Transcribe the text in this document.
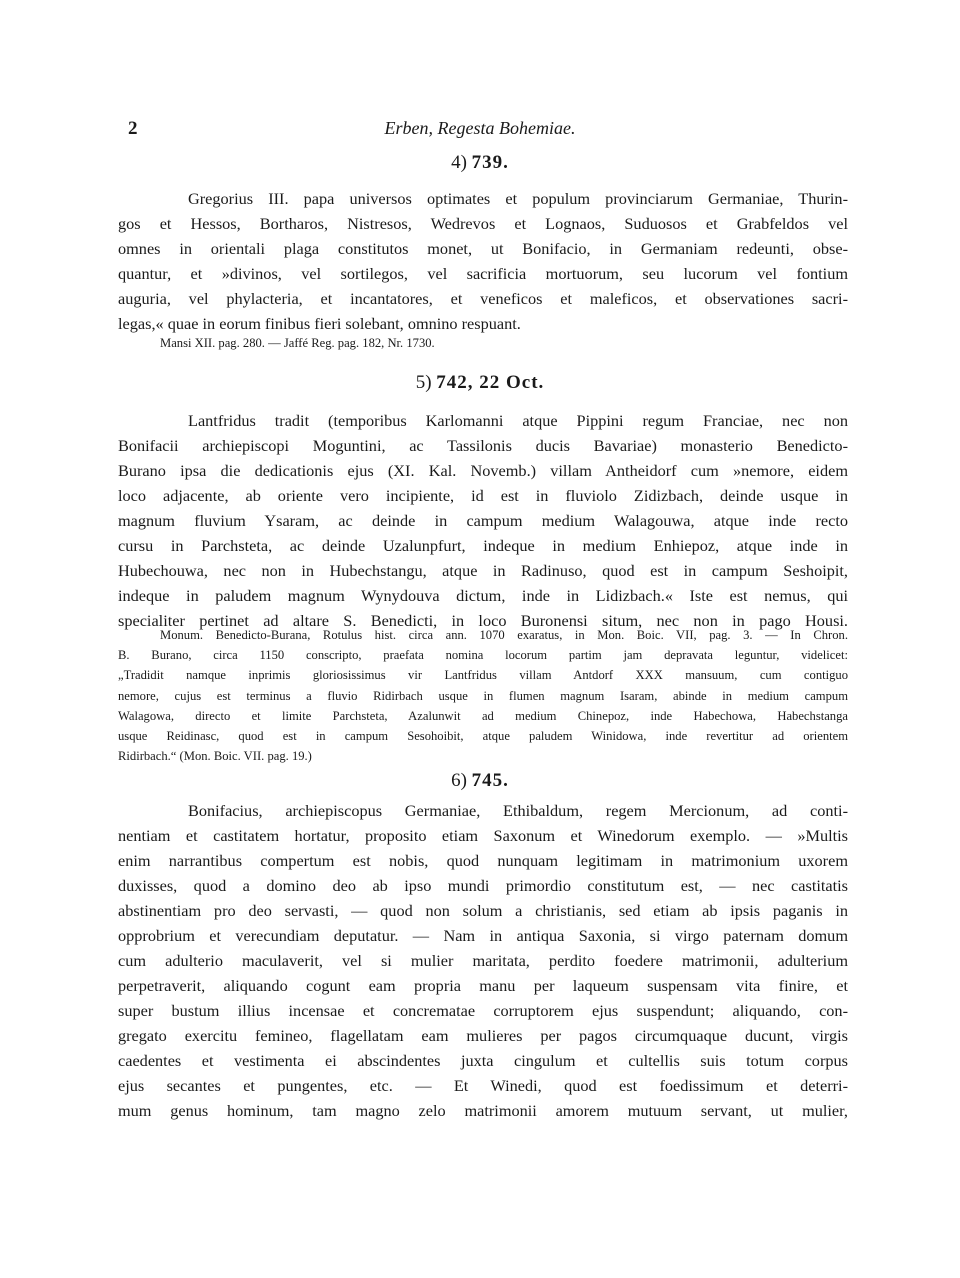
2	Erben, Regesta Bohemiae.
4) 739.
Gregorius III. papa universos optimates et populum provinciarum Germaniae, Thurin-
gos et Hessos, Bortharos, Nistresos, Wedrevos et Lognaos, Suduosos et Grabfeldos vel
omnes in orientali plaga constitutos monet, ut Bonifacio, in Germaniam redeunti, obse-
quantur, et »divinos, vel sortilegos, vel sacrificia mortuorum, seu lucorum vel fontium
auguria, vel phylacteria, et incantatores, et veneficos et maleficos, et observationes sacri-
legas,« quae in eorum finibus fieri solebant, omnino respuant.
Mansi XII. pag. 280. — Jaffé Reg. pag. 182, Nr. 1730.
5) 742, 22 Oct.
Lantfridus tradit (temporibus Karlomanni atque Pippini regum Franciae, nec non
Bonifacii archiepiscopi Moguntini, ac Tassilonis ducis Bavariae) monasterio Benedicto-
Burano ipsa die dedicationis ejus (XI. Kal. Novemb.) villam Antheidorf cum »nemore, eidem
loco adjacente, ab oriente vero incipiente, id est in fluviolo Zidizbach, deinde usque in
magnum fluvium Ysaram, ac deinde in campum medium Walagouwa, atque inde recto
cursu in Parchsteta, ac deinde Uzalunpfurt, indeque in medium Enhiepoz, atque inde in
Hubechouwa, nec non in Hubechstangu, atque in Radinuso, quod est in campum Seshoipit,
indeque in paludem magnum Wynydouva dictum, inde in Lidizbach.« Iste est nemus, qui
specialiter pertinet ad altare S. Benedicti, in loco Buronensi situm, nec non in pago Housi.
Monum. Benedicto-Burana, Rotulus hist. circa ann. 1070 exaratus, in Mon. Boic. VII, pag. 3. — In Chron.
B. Burano, circa 1150 conscripto, praefata nomina locorum partim jam depravata leguntur, videlicet:
„Tradidit namque inprimis gloriosissimus vir Lantfridus villam Antdorf XXX mansuum, cum contiguo
nemore, cujus est terminus a fluvio Ridirbach usque in flumen magnum Isaram, abinde in medium campum
Walagowa, directo et limite Parchsteta, Azalunwit ad medium Chinepoz, inde Habechowa, Habechstanga
usque Reidinasc, quod est in campum Sesohoibit, atque paludem Winidowa, inde revertitur ad orientem
Ridirbach.“ (Mon. Boic. VII. pag. 19.)
6) 745.
Bonifacius, archiepiscopus Germaniae, Ethibaldum, regem Mercionum, ad conti-
nentiam et castitatem hortatur, proposito etiam Saxonum et Winedorum exemplo. — »Multis
enim narrantibus compertum est nobis, quod nunquam legitimam in matrimonium uxorem
duxisses, quod a domino deo ab ipso mundi primordio constitutum est, — nec castitatis
abstinentiam pro deo servasti, — quod non solum a christianis, sed etiam ab ipsis paganis in
opprobrium et verecundiam deputatur. — Nam in antiqua Saxonia, si virgo paternam domum
cum adulterio maculaverit, vel si mulier maritata, perdito foedere matrimonii, adulterium
perpetraverit, aliquando cogunt eam propria manu per laqueum suspensam vita finire, et
super bustum illius incensae et concrematae corruptorem ejus suspendunt; aliquando, con-
gregato exercitu femineo, flagellatam eam mulieres per pagos circumquaque ducunt, virgis
caedentes et vestimenta ei abscindentes juxta cingulum et cultellis suis totum corpus
ejus secantes et pungentes, etc. — Et Winedi, quod est foedissimum et deterri-
mum genus hominum, tam magno zelo matrimonii amorem mutuum servant, ut mulier,
